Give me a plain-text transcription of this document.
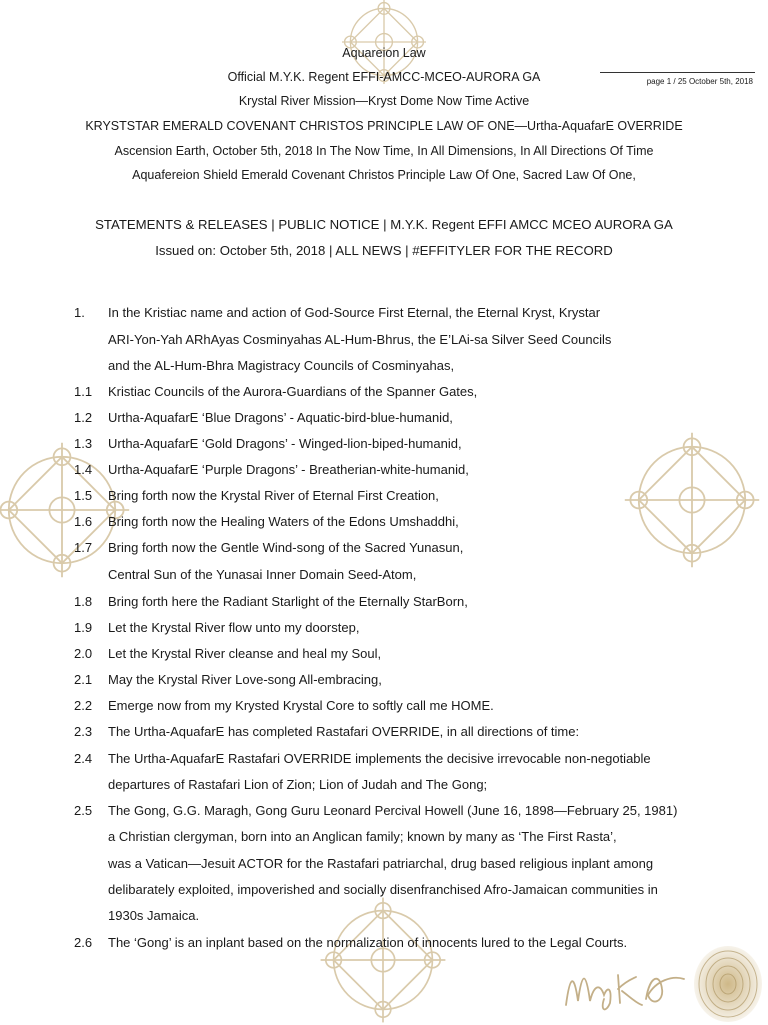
Aquareion Law
Official M.Y.K. Regent EFFI-AMCC-MCEO-AURORA GA
Krystal River Mission—Kryst Dome Now Time Active
KRYSTSTAR EMERALD COVENANT CHRISTOS PRINCIPLE LAW OF ONE—Urtha-AquafarE OVERRIDE
Ascension Earth, October 5th, 2018 In The Now Time, In All Dimensions, In All Directions Of Time
Aquafereion Shield Emerald Covenant Christos Principle Law Of One, Sacred Law Of One,
page 1 / 25 October 5th, 2018
STATEMENTS & RELEASES | PUBLIC NOTICE | M.Y.K. Regent EFFI AMCC MCEO AURORA GA
Issued on: October 5th, 2018 | ALL NEWS | #EFFITYLER FOR THE RECORD
1.	In the Kristiac name and action of God-Source First Eternal, the Eternal Kryst, Krystar
ARI-Yon-Yah ARhAyas Cosminyahas AL-Hum-Bhrus, the E’LAi-sa Silver Seed Councils
and the AL-Hum-Bhra Magistracy Councils of Cosminyahas,
1.1	Kristiac Councils of the Aurora-Guardians of the Spanner Gates,
1.2	Urtha-AquafarE ‘Blue Dragons’ - Aquatic-bird-blue-humanid,
1.3	Urtha-AquafarE ‘Gold Dragons’ - Winged-lion-biped-humanid,
1.4	Urtha-AquafarE ‘Purple Dragons’ - Breatherian-white-humanid,
1.5	Bring forth now the Krystal River of Eternal First Creation,
1.6	Bring forth now the Healing Waters of the Edons Umshaddhi,
1.7	Bring forth now the Gentle Wind-song of the Sacred Yunasun,
Central Sun of the Yunasai Inner Domain Seed-Atom,
1.8	Bring forth here the Radiant Starlight of the Eternally StarBorn,
1.9	Let the Krystal River flow unto my doorstep,
2.0	Let the Krystal River cleanse and heal my Soul,
2.1	May the Krystal River Love-song All-embracing,
2.2	Emerge now from my Krysted Krystal Core to softly call me HOME.
2.3	The Urtha-AquafarE has completed Rastafari OVERRIDE, in all directions of time:
2.4	The Urtha-AquafarE Rastafari OVERRIDE implements the decisive irrevocable non-negotiable
departures of Rastafari Lion of Zion; Lion of Judah and The Gong;
2.5	The Gong, G.G. Maragh, Gong Guru Leonard Percival Howell (June 16, 1898—February 25, 1981)
a Christian clergyman, born into an Anglican family; known by many as ‘The First Rasta’,
was a Vatican—Jesuit ACTOR for the Rastafari patriarchal, drug based religious inplant among
delibarately exploited, impoverished and socially disenfranchised Afro-Jamaican communities in
1930s Jamaica.
2.6	The ‘Gong’ is an inplant based on the normalization of innocents lured to the Legal Courts.
